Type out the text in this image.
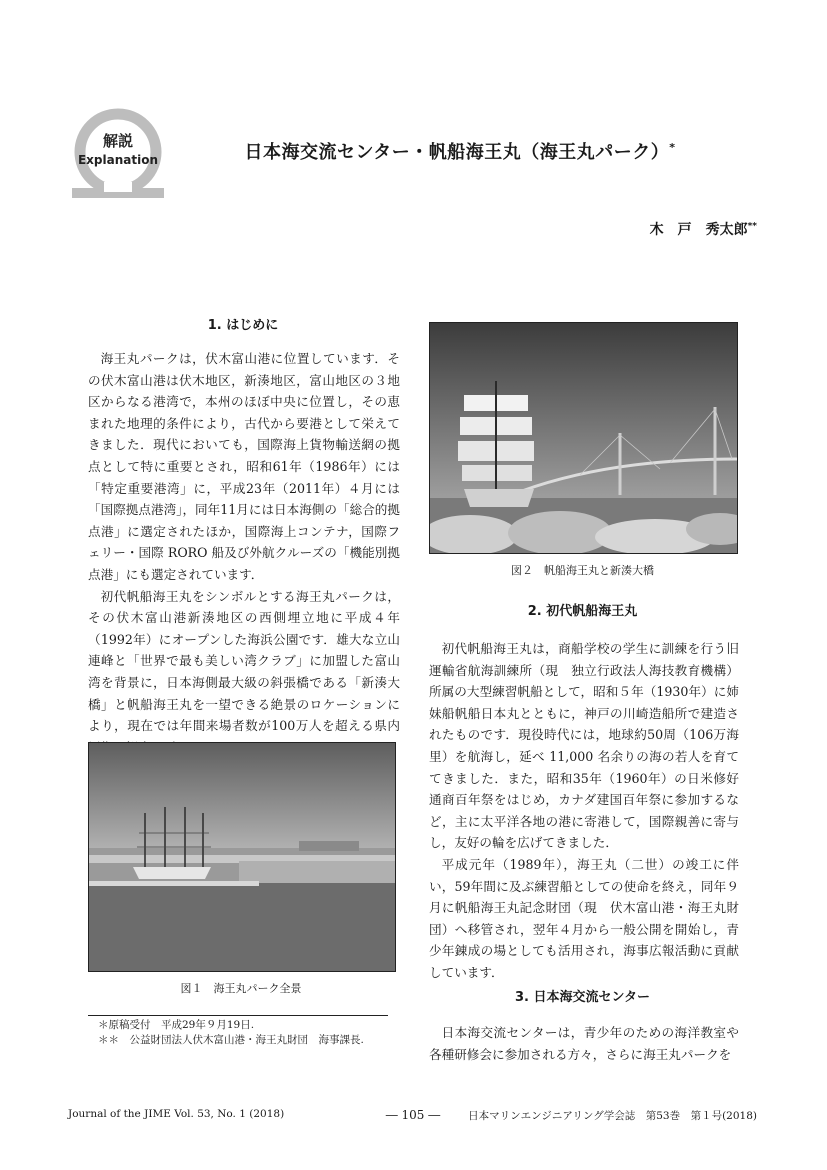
解説
Explanation	日本海交流センター・帆船海王丸（海王丸パーク）*
木　戸　秀太郎**
1. はじめに

海王丸パークは，伏木富山港に位置しています．その伏木富山港は伏木地区，新湊地区，富山地区の３地区からなる港湾で，本州のほぼ中央に位置し，その恵まれた地理的条件により，古代から要港として栄えてきました．現代においても，国際海上貨物輸送網の拠点として特に重要とされ，昭和61年（1986年）には「特定重要港湾」に，平成23年（2011年）４月には「国際拠点港湾」，同年11月には日本海側の「総合的拠点港」に選定されたほか，国際海上コンテナ，国際フェリー・国際 RORO 船及び外航クルーズの「機能別拠点港」にも選定されています．

初代帆船海王丸をシンボルとする海王丸パークは，その伏木富山港新湊地区の西側埋立地に平成４年（1992年）にオープンした海浜公園です．雄大な立山連峰と「世界で最も美しい湾クラブ」に加盟した富山湾を背景に，日本海側最大級の斜張橋である「新湊大橋」と帆船海王丸を一望できる絶景のロケーションにより，現在では年間来場者数が100万人を超える県内

図１　海王丸パーク全景
＊原稿受付　平成29年９月19日.
＊＊　公益財団法人伏木富山港・海王丸財団　海事課長.
図２　帆船海王丸と新湊大橋
2. 初代帆船海王丸

初代帆船海王丸は，商船学校の学生に訓練を行う旧運輸省航海訓練所（現　独立行政法人海技教育機構）所属の大型練習帆船として，昭和５年（1930年）に姉妹船帆船日本丸とともに，神戸の川崎造船所で建造されたものです．現役時代には，地球約50周（106万海里）を航海し，延べ 11,000 名余りの海の若人を育ててきました．また，昭和35年（1960年）の日米修好通商百年祭をはじめ，カナダ建国百年祭に参加するなど，主に太平洋各地の港に寄港して，国際親善に寄与し，友好の輪を広げてきました．

平成元年（1989年），海王丸（二世）の竣工に伴い，59年間に及ぶ練習船としての使命を終え，同年９月に帆船海王丸記念財団（現　伏木富山港・海王丸財団）へ移管され，翌年４月から一般公開を開始し，青少年錬成の場としても活用され，海事広報活動に貢献しています．

3. 日本海交流センター

日本海交流センターは，青少年のための海洋教室や各種研修会に参加される方々，さらに海王丸パークを

Journal of the JIME Vol. 53, No. 1 (2018)	― 105 ―	日本マリンエンジニアリング学会誌　第53巻　第１号(2018)
